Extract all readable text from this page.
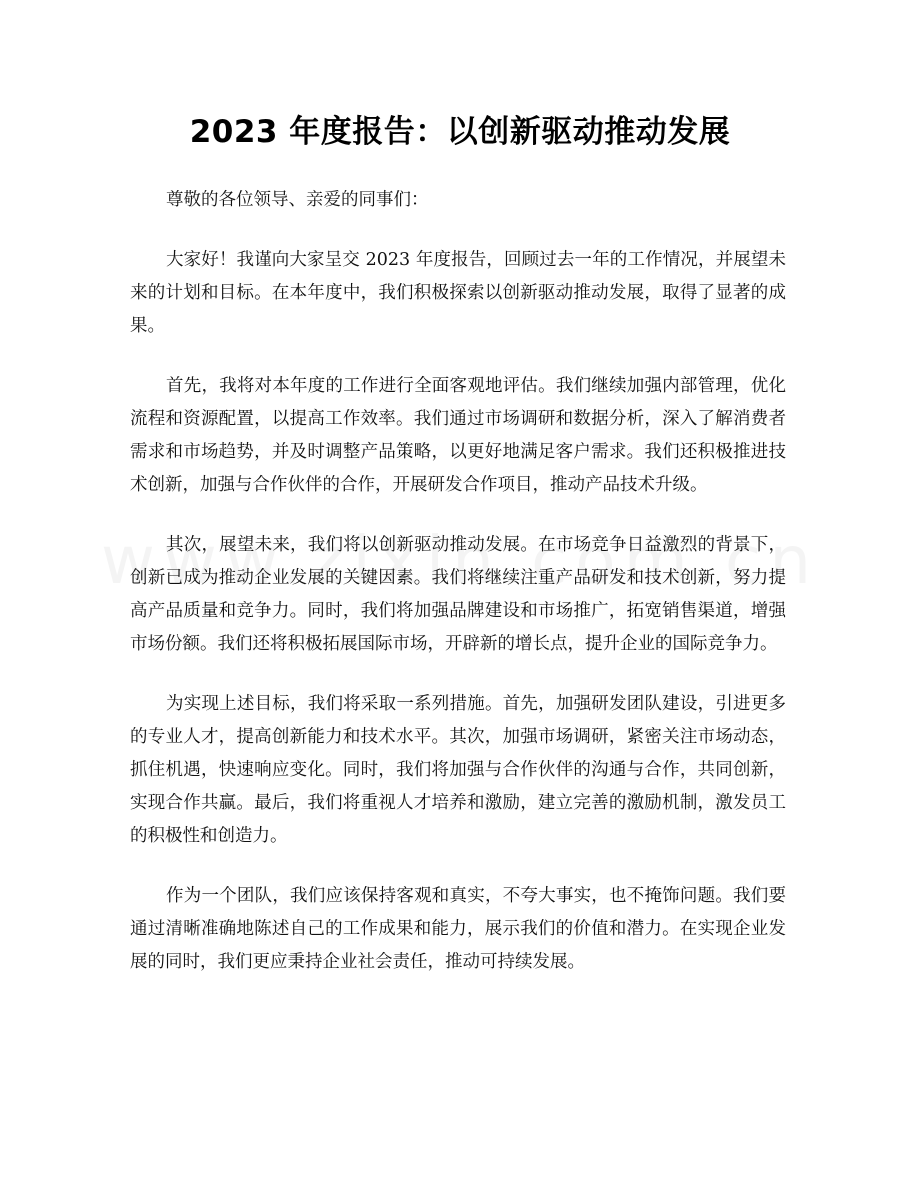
2023 年度报告：以创新驱动推动发展

尊敬的各位领导、亲爱的同事们：

大家好！我谨向大家呈交 2023 年度报告，回顾过去一年的工作情况，并展望未来的计划和目标。在本年度中，我们积极探索以创新驱动推动发展，取得了显著的成果。

首先，我将对本年度的工作进行全面客观地评估。我们继续加强内部管理，优化流程和资源配置，以提高工作效率。我们通过市场调研和数据分析，深入了解消费者需求和市场趋势，并及时调整产品策略，以更好地满足客户需求。我们还积极推进技术创新，加强与合作伙伴的合作，开展研发合作项目，推动产品技术升级。

其次，展望未来，我们将以创新驱动推动发展。在市场竞争日益激烈的背景下，创新已成为推动企业发展的关键因素。我们将继续注重产品研发和技术创新，努力提高产品质量和竞争力。同时，我们将加强品牌建设和市场推广，拓宽销售渠道，增强市场份额。我们还将积极拓展国际市场，开辟新的增长点，提升企业的国际竞争力。

为实现上述目标，我们将采取一系列措施。首先，加强研发团队建设，引进更多的专业人才，提高创新能力和技术水平。其次，加强市场调研，紧密关注市场动态，抓住机遇，快速响应变化。同时，我们将加强与合作伙伴的沟通与合作，共同创新，实现合作共赢。最后，我们将重视人才培养和激励，建立完善的激励机制，激发员工的积极性和创造力。

作为一个团队，我们应该保持客观和真实，不夸大事实，也不掩饰问题。我们要通过清晰准确地陈述自己的工作成果和能力，展示我们的价值和潜力。在实现企业发展的同时，我们更应秉持企业社会责任，推动可持续发展。
